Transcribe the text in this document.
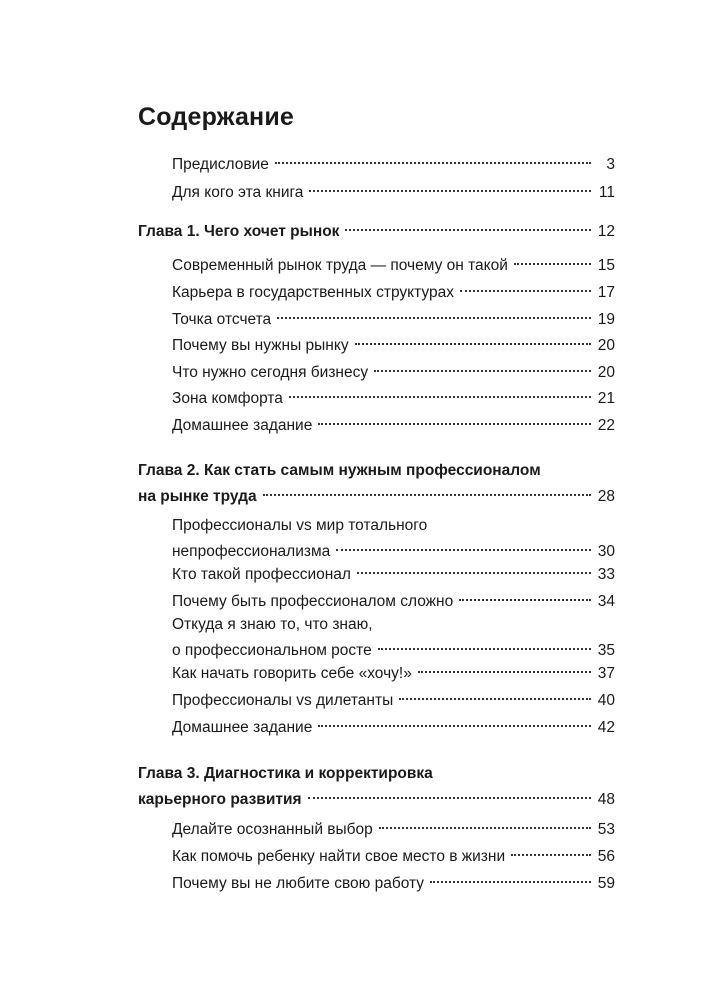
Содержание
Предисловие	3
Для кого эта книга	11
Глава 1. Чего хочет рынок	12
Современный рынок труда — почему он такой	15
Карьера в государственных структурах	17
Точка отсчета	19
Почему вы нужны рынку	20
Что нужно сегодня бизнесу	20
Зона комфорта	21
Домашнее задание	22
Глава 2. Как стать самым нужным профессионалом
на рынке труда	28
Профессионалы vs мир тотального
непрофессионализма	30
Кто такой профессионал	33
Почему быть профессионалом сложно	34
Откуда я знаю то, что знаю,
о профессиональном росте	35
Как начать говорить себе «хочу!»	37
Профессионалы vs дилетанты	40
Домашнее задание	42
Глава 3. Диагностика и корректировка
карьерного развития	48
Делайте осознанный выбор	53
Как помочь ребенку найти свое место в жизни	56
Почему вы не любите свою работу	59
